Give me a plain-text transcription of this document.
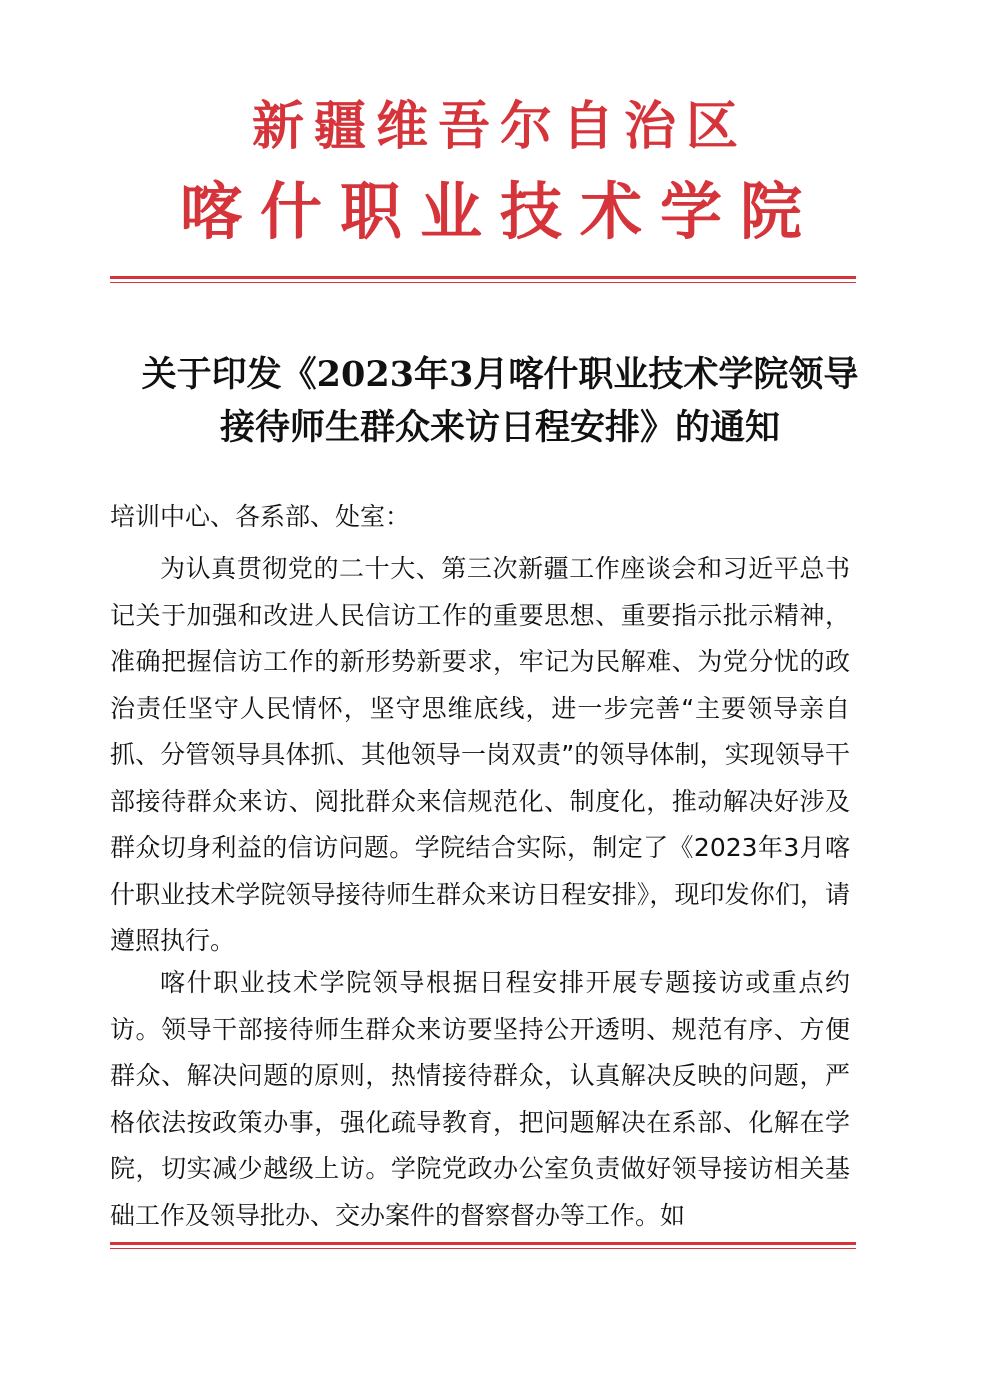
新疆维吾尔自治区
喀什职业技术学院
关于印发《2023年3月喀什职业技术学院领导
接待师生群众来访日程安排》的通知
培训中心、各系部、处室：

为认真贯彻党的二十大、第三次新疆工作座谈会和习近平总书记关于加强和改进人民信访工作的重要思想、重要指示批示精神，准确把握信访工作的新形势新要求，牢记为民解难、为党分忧的政治责任坚守人民情怀，坚守思维底线，进一步完善“主要领导亲自抓、分管领导具体抓、其他领导一岗双责”的领导体制，实现领导干部接待群众来访、阅批群众来信规范化、制度化，推动解决好涉及群众切身利益的信访问题。学院结合实际，制定了《2023年3月喀什职业技术学院领导接待师生群众来访日程安排》，现印发你们，请遵照执行。

喀什职业技术学院领导根据日程安排开展专题接访或重点约访。领导干部接待师生群众来访要坚持公开透明、规范有序、方便群众、解决问题的原则，热情接待群众，认真解决反映的问题，严格依法按政策办事，强化疏导教育，把问题解决在系部、化解在学院，切实减少越级上访。学院党政办公室负责做好领导接访相关基础工作及领导批办、交办案件的督察督办等工作。如
